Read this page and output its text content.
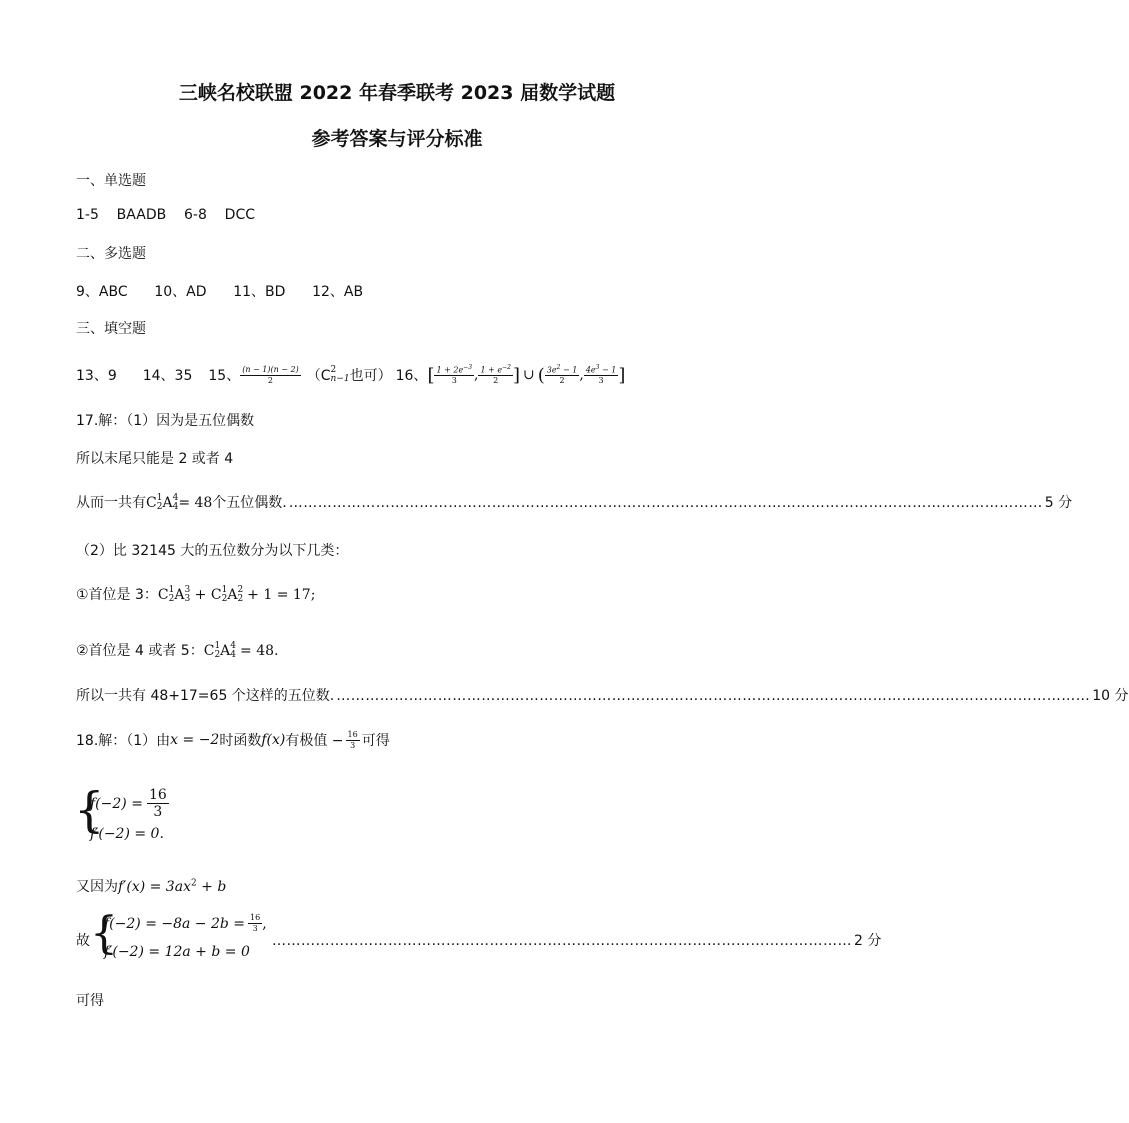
三峡名校联盟 2022 年春季联考 2023 届数学试题
参考答案与评分标准
一、单选题
1-5    BAADB    6-8    DCC
二、多选题
9、ABC      10、AD      11、BD      12、AB
三、填空题
13、9 14、35 15、 $\frac{(n - 1)(n - 2)}{2} (C$ 2
n−1 也可） 16、 [ $\frac{1 + 2e^{-3}}{3}$ , $\frac{1 + e^{-2}}{2}$ ] ∪ ( $\frac{3e^2 - 1}{2}$ , $\frac{4e^3 - 1}{3}$ ]
17.解：（1）因为是五位偶数
所以末尾只能是 2 或者 4
从而一共有 C 1
2 A 4
4 = 48个五位偶数. ………………………………………………………………………………………………………………………………………… 5 分
（2）比 32145 大的五位数分为以下几类：
①首位是 3： C 1
2 A 3
3 + C 1
2 A 2
2 + 1 = 17;
②首位是 4 或者 5： C 1
2 A 4
4 = 48.
所以一共有 48+17=65 个这样的五位数. ………………………………………………………………………………………………………………………………………… 10 分
18.解：（1）由 x = −2 时函数 f(x) 有极值 − $\frac{16}{3}$ 可得
{
$f(-2) = \frac{16}{3}$
f′(−2) = 0.
又因为$f'(x) = 3ax^2 + b$
故 {
$f(-2) = -8a - 2b = \frac{16}{3}$ ,
f′(−2) = 12a + b = 0
………………………………………………………………………………………………………… 2 分
可得
